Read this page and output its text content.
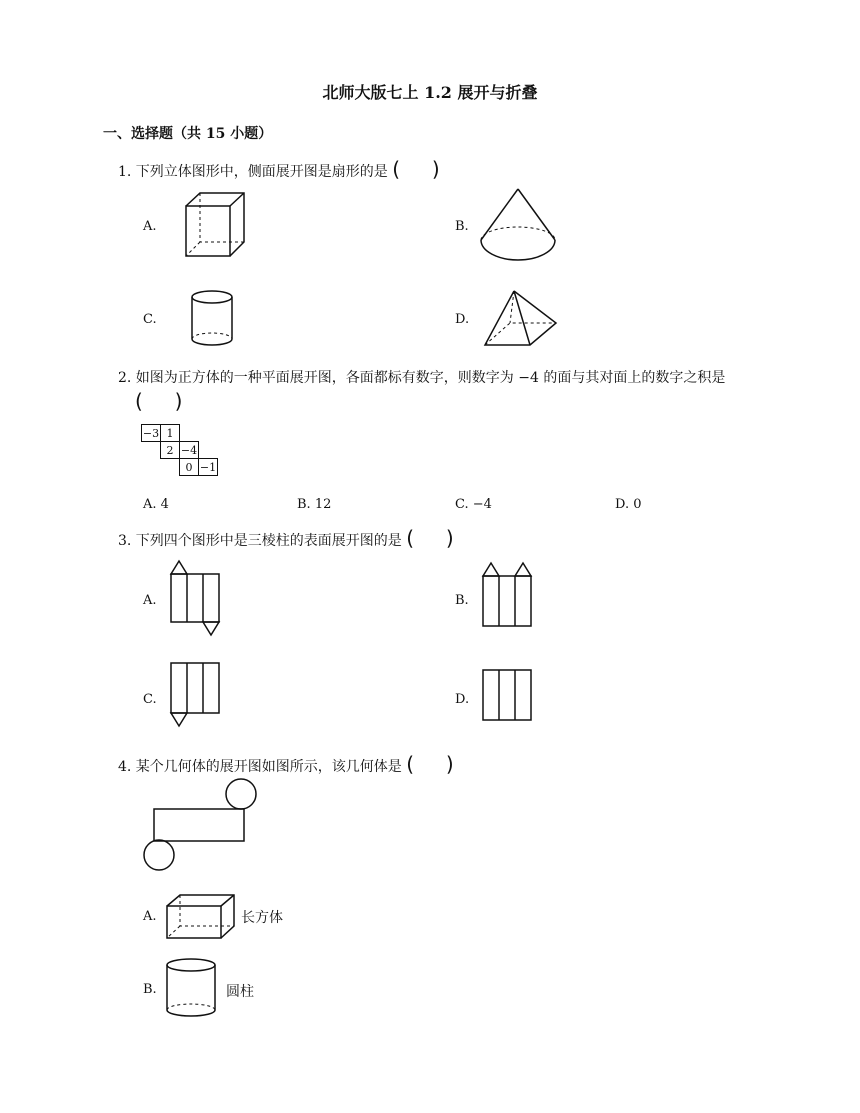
北师大版七上 1.2 展开与折叠
一、选择题（共 15 小题）
1. 下列立体图形中，侧面展开图是扇形的是 (     )
A.	B.
C.	D.
2. 如图为正方体的一种平面展开图，各面都标有数字，则数字为 −4 的面与其对面上的数字之积是
(     )
−3	1		
	2	−4	
		0	−1
A. 4	B. 12	C. −4	D. 0
3. 下列四个图形中是三棱柱的表面展开图的是 (     )
A.	B.
C.	D.
4. 某个几何体的展开图如图所示，该几何体是 (     )
A.	长方体
B.	圆柱
